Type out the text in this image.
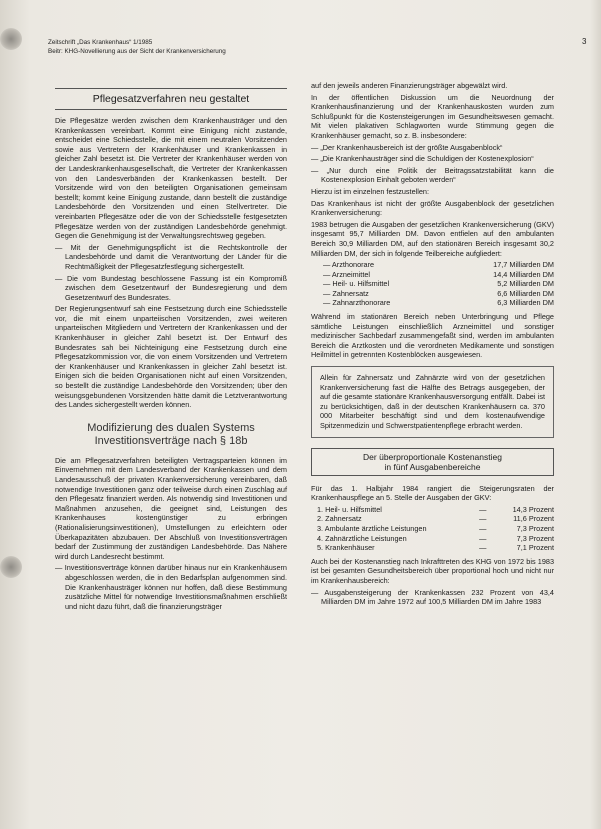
Zeitschrift „Das Krankenhaus“ 1/1985
Beitr: KHG-Novellierung aus der Sicht der Krankenversicherung
3
Pflegesatzverfahren neu gestaltet

Die Pflegesätze werden zwischen dem Krankenhausträger und den Krankenkassen vereinbart. Kommt eine Einigung nicht zustande, entscheidet eine Schiedsstelle, die mit einem neutralen Vorsitzenden sowie aus Vertretern der Krankenhäuser und Krankenkassen in gleicher Zahl besetzt ist. Die Vertreter der Krankenhäuser werden von der Landeskrankenhausgesellschaft, die Vertreter der Krankenkassen von den Landesverbänden der Krankenkassen bestellt. Der Vorsitzende wird von den beteiligten Organisationen gemeinsam bestellt; kommt keine Einigung zustande, dann bestellt die zuständige Landesbehörde den Vorsitzenden und einen Stellvertreter. Die vereinbarten Pflegesätze oder die von der Schiedsstelle festgesetzten Pflegesätze werden von der zuständigen Landesbehörde genehmigt. Gegen die Genehmigung ist der Verwaltungsrechtsweg gegeben.

— Mit der Genehmigungspflicht ist die Rechtskontrolle der Landesbehörde und damit die Verantwortung der Länder für die Rechtmäßigkeit der Pflegesatzfestlegung sichergestellt.

— Die vom Bundestag beschlossene Fassung ist ein Kompromiß zwischen dem Gesetzentwurf der Bundesregierung und dem Gesetzentwurf des Bundesrates.

Der Regierungsentwurf sah eine Festsetzung durch eine Schiedsstelle vor, die mit einem unparteiischen Vorsitzenden, zwei weiteren unparteiischen Mitgliedern und Vertretern der Krankenkassen und der Krankenhäuser in gleicher Zahl besetzt ist. Der Entwurf des Bundesrates sah bei Nichteinigung eine Festsetzung durch eine Pflegesatzkommission vor, die von einem Vorsitzenden und Vertretern der Krankenhäuser und Krankenkassen in gleicher Zahl besetzt ist. Einigen sich die beiden Organisationen nicht auf einen Vorsitzenden, so bestellt die zuständige Landesbehörde den Vorsitzenden; über den weisungsgebundenen Vorsitzenden hätte damit die Letztverantwortung des Landes sichergestellt werden können.

Modifizierung des dualen Systems Investitionsverträge nach § 18b

Die am Pflegesatzverfahren beteiligten Vertragsparteien können im Einvernehmen mit dem Landesverband der Krankenkassen und dem Landesausschuß der privaten Krankenversicherung vereinbaren, daß notwendige Investitionen ganz oder teilweise durch einen Zuschlag auf den Pflegesatz finanziert werden. Als notwendig sind Investitionen und Maßnahmen anzusehen, die geeignet sind, Leistungen des Krankenhauses kostengünstiger zu erbringen (Rationalisierungsinvestitionen), Umstellungen zu erleichtern oder Überkapazitäten abzubauen. Der Abschluß von Investitionsverträgen bedarf der Zustimmung der zuständigen Landesbehörde. Das Nähere wird durch Landesrecht bestimmt.

— Investitionsverträge können darüber hinaus nur ein Krankenhäusern abgeschlossen werden, die in den Bedarfsplan aufgenommen sind. Die Krankenhausträger können nur hoffen, daß diese Bestimmung zusätzliche Mittel für notwendige Investitionsmaßnahmen erschließt und nicht dazu führt, daß die finanzierungsträger

auf den jeweils anderen Finanzierungsträger abgewälzt wird.

In der öffentlichen Diskussion um die Neuordnung der Krankenhausfinanzierung und der Krankenhauskosten wurden zum Schlußpunkt für die Kostensteigerungen im Gesundheitswesen gemacht. Mit vielen plakativen Schlagworten wurde Stimmung gegen die Krankenhäuser gemacht, so z. B. insbesondere:

— „Der Krankenhausbereich ist der größte Ausgabenblock“

— „Die Krankenhausträger sind die Schuldigen der Kostenexplosion“

— „Nur durch eine Politik der Beitragssatzstabilität kann die Kostenexplosion Einhalt geboten werden“

Hierzu ist im einzelnen festzustellen:

Das Krankenhaus ist nicht der größte Ausgabenblock der gesetzlichen Krankenversicherung:

1983 betrugen die Ausgaben der gesetzlichen Krankenversicherung (GKV) insgesamt 95,7 Milliarden DM. Davon entfielen auf den ambulanten Bereich 30,9 Milliarden DM, auf den stationären Bereich insgesamt 30,2 Milliarden DM, der sich in folgende Teilbereiche aufgliedert:

— Arzthonorare	17,7 Milliarden DM
— Arzneimittel	14,4 Milliarden DM
— Heil- u. Hilfsmittel	5,2 Milliarden DM
— Zahnersatz	6,6 Milliarden DM
— Zahnarzthonorare	6,3 Milliarden DM

Während im stationären Bereich neben Unterbringung und Pflege sämtliche Leistungen einschließlich Arzneimittel und sonstiger medizinischer Sachbedarf zusammengefaßt sind, werden im ambulanten Bereich die Arztkosten und die verordneten Medikamente und sonstigen Heilmittel in getrennten Kostenblöcken ausgewiesen.

Allein für Zahnersatz und Zahnärzte wird von der gesetzlichen Krankenversicherung fast die Hälfte des Betrags ausgegeben, der auf die gesamte stationäre Krankenhausversorgung entfällt. Dabei ist zu berücksichtigen, daß in der deutschen Krankenhäusern ca. 370 000 Mitarbeiter beschäftigt sind und dem kostenaufwendige Spitzenmedizin und Schwerstpatientenpflege erbracht werden.

Der überproportionale Kostenanstieg
in fünf Ausgabenbereiche

Für das 1. Halbjahr 1984 rangiert die Steigerungsraten der Krankenhauspflege an 5. Stelle der Ausgaben der GKV:

1. Heil- u. Hilfsmittel	—	14,3 Prozent
2. Zahnersatz	—	11,6 Prozent
3. Ambulante ärztliche Leistungen	—	7,3 Prozent
4. Zahnärztliche Leistungen	—	7,3 Prozent
5. Krankenhäuser	—	7,1 Prozent

Auch bei der Kostenanstieg nach Inkrafttreten des KHG von 1972 bis 1983 ist bei gesamten Gesundheitsbereich über proportional hoch und nicht nur im Krankenhausbereich:

— Ausgabensteigerung der Krankenkassen 232 Prozent von 43,4 Milliarden DM im Jahre 1972 auf 100,5 Milliarden DM im Jahre 1983
